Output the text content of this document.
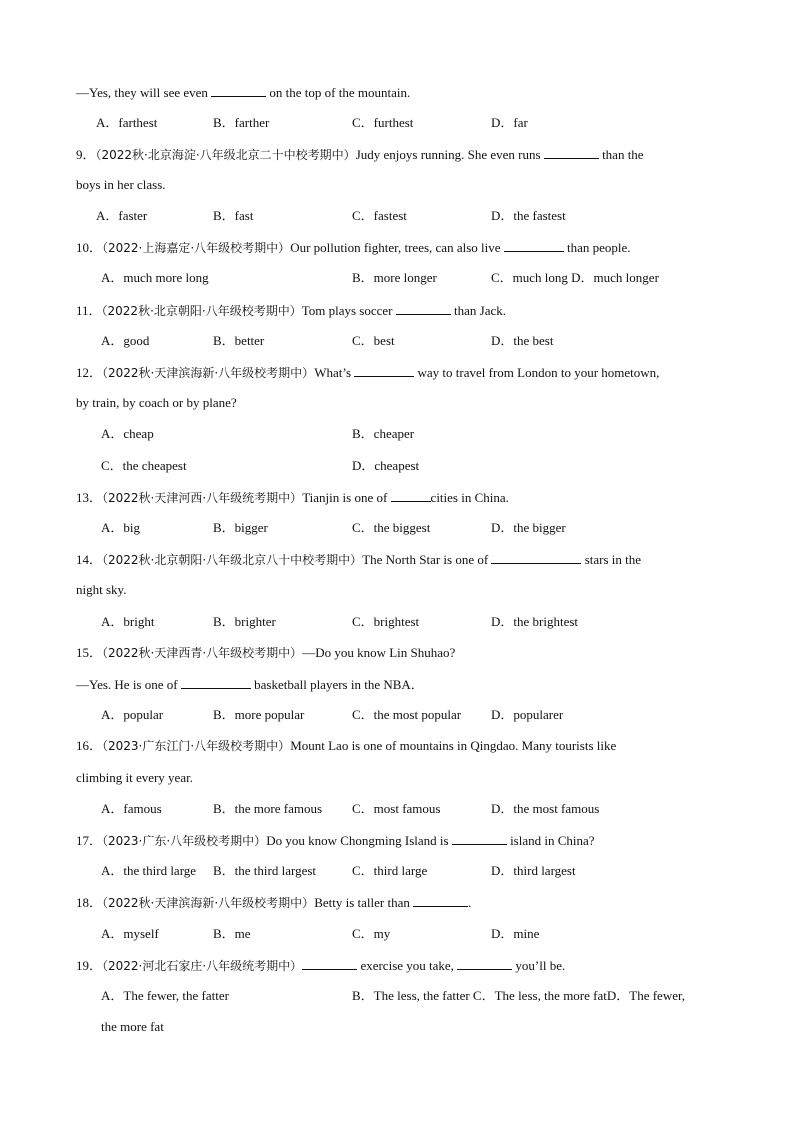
—Yes, they will see even	on the top of the mountain.
A．farthest	B．farther	C．furthest	D．far
9．（2022秋·北京海淀·八年级北京二十中校考期中）Judy enjoys running. She even runs	than the
boys in her class.
A．faster	B．fast	C．fastest	D．the fastest
10．（2022·上海嘉定·八年级校考期中）Our pollution fighter, trees, can also live	than people.
A．much more long	B．more longer	C．much long D．much longer
11．（2022秋·北京朝阳·八年级校考期中）Tom plays soccer	than Jack.
A．good	B．better	C．best	D．the best
12．（2022秋·天津滨海新·八年级校考期中）What’s	way to travel from London to your hometown,
by train, by coach or by plane?
A．cheap	B．cheaper
C．the cheapest	D．cheapest
13．（2022秋·天津河西·八年级统考期中）Tianjin is one of	cities in China.
A．big	B．bigger	C．the biggest	D．the bigger
14．（2022秋·北京朝阳·八年级北京八十中校考期中）The North Star is one of	stars in the
night sky.
A．bright	B．brighter	C．brightest	D．the brightest
15．（2022秋·天津西青·八年级校考期中）—Do you know Lin Shuhao?
—Yes. He is one of	basketball players in the NBA．
A．popular	B．more popular	C．the most popular D．popularer
16．（2023·广东江门·八年级校考期中）Mount Lao is one of mountains in Qingdao. Many tourists like
climbing it every year.
A．famous	B．the more famous C．most famous	D．the most famous
17．（2023·广东·八年级校考期中）Do you know Chongming Island is	island in China?
A．the third large B．the third largest	C．third large	D．third largest
18．（2022秋·天津滨海新·八年级校考期中）Betty is taller than	.
A．myself	B．me	C．my	D．mine
19．（2022·河北石家庄·八年级统考期中）	exercise you take,	you’ll be.
A．The fewer, the fatter	B．The less, the fatter C．The less, the more fatD．The fewer,
the more fat
